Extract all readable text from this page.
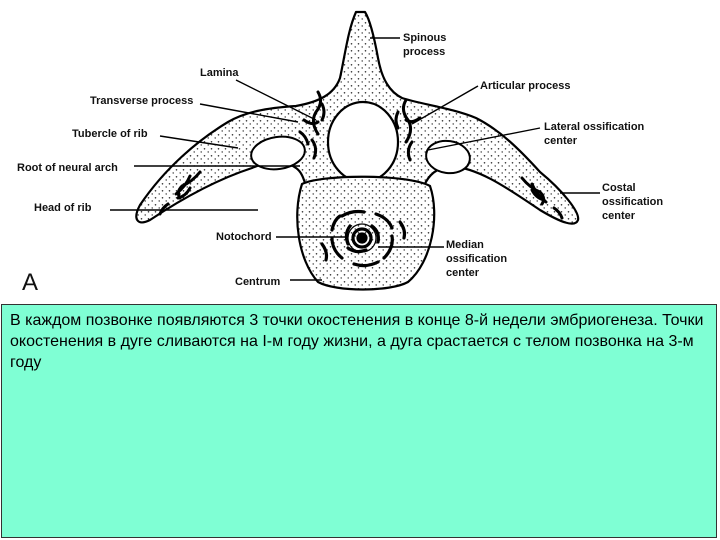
Spinous
process
Lamina
Articular process
Transverse process
Lateral ossification
center
Tubercle of rib
Root of neural arch
Costal
ossification
center
Head of rib
Notochord
Median
ossification
center
Centrum
A

В каждом позвонке появляются 3 точки окостенения в конце 8-й недели эмбриогенеза. Точки окостенения в дуге сливаются на I-м году жизни, а дуга срастается с телом позвонка на 3-м году
